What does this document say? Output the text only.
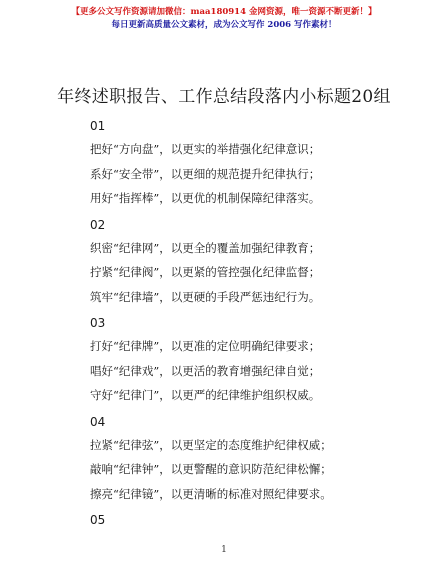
【更多公文写作资源请加微信：maa180914 金网资源，唯一资源不断更新！】
每日更新高质量公文素材，成为公文写作 2006 写作素材！
年终述职报告、工作总结段落内小标题20组
01
把好“方向盘”，以更实的举措强化纪律意识；
系好“安全带”，以更细的规范提升纪律执行；
用好“指挥棒”，以更优的机制保障纪律落实。
02
织密“纪律网”，以更全的覆盖加强纪律教育；
拧紧“纪律阀”，以更紧的管控强化纪律监督；
筑牢“纪律墙”，以更硬的手段严惩违纪行为。
03
打好“纪律牌”，以更准的定位明确纪律要求；
唱好“纪律戏”，以更活的教育增强纪律自觉；
守好“纪律门”，以更严的纪律维护组织权威。
04
拉紧“纪律弦”，以更坚定的态度维护纪律权威；
敲响“纪律钟”，以更警醒的意识防范纪律松懈；
擦亮“纪律镜”，以更清晰的标准对照纪律要求。
05
1
